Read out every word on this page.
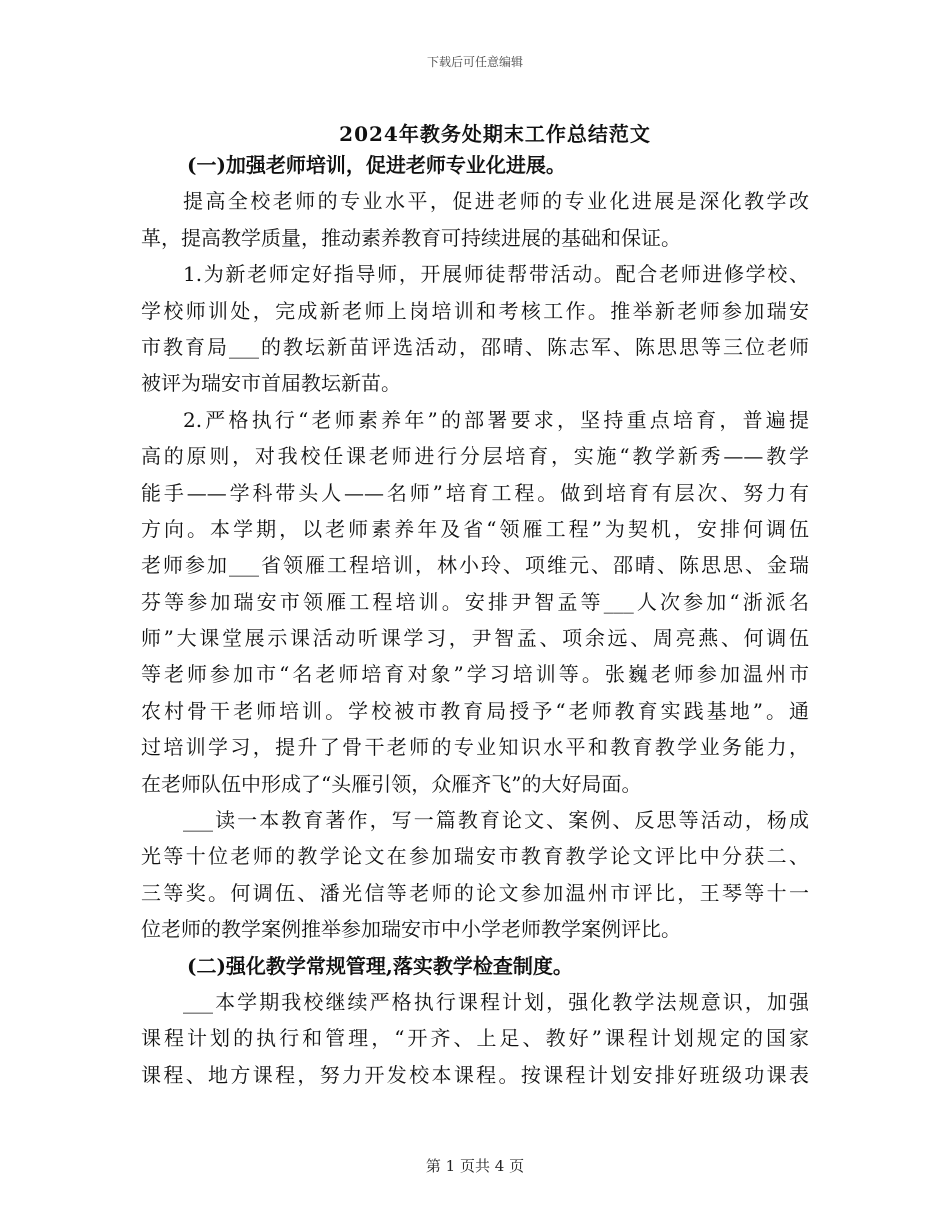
下载后可任意编辑
2024年教务处期末工作总结范文
(一)加强老师培训，促进老师专业化进展。
提高全校老师的专业水平，促进老师的专业化进展是深化教学改
革，提高教学质量，推动素养教育可持续进展的基础和保证。
1.为新老师定好指导师，开展师徒帮带活动。配合老师进修学校、
学校师训处，完成新老师上岗培训和考核工作。推举新老师参加瑞安
市教育局___的教坛新苗评选活动，邵晴、陈志军、陈思思等三位老师
被评为瑞安市首届教坛新苗。
2.严格执行“老师素养年”的部署要求，坚持重点培育，普遍提
高的原则，对我校任课老师进行分层培育，实施“教学新秀——教学
能手——学科带头人——名师”培育工程。做到培育有层次、努力有
方向。本学期，以老师素养年及省“领雁工程”为契机，安排何调伍
老师参加___省领雁工程培训，林小玲、项维元、邵晴、陈思思、金瑞
芬等参加瑞安市领雁工程培训。安排尹智孟等___人次参加“浙派名
师”大课堂展示课活动听课学习，尹智孟、项余远、周亮燕、何调伍
等老师参加市“名老师培育对象”学习培训等。张巍老师参加温州市
农村骨干老师培训。学校被市教育局授予“老师教育实践基地”。通
过培训学习，提升了骨干老师的专业知识水平和教育教学业务能力，
在老师队伍中形成了“头雁引领，众雁齐飞”的大好局面。
___读一本教育著作，写一篇教育论文、案例、反思等活动，杨成
光等十位老师的教学论文在参加瑞安市教育教学论文评比中分获二、
三等奖。何调伍、潘光信等老师的论文参加温州市评比，王琴等十一
位老师的教学案例推举参加瑞安市中小学老师教学案例评比。
(二)强化教学常规管理,落实教学检查制度。
___本学期我校继续严格执行课程计划，强化教学法规意识，加强
课程计划的执行和管理，“开齐、上足、教好”课程计划规定的国家
课程、地方课程，努力开发校本课程。按课程计划安排好班级功课表
第 1 页共 4 页
